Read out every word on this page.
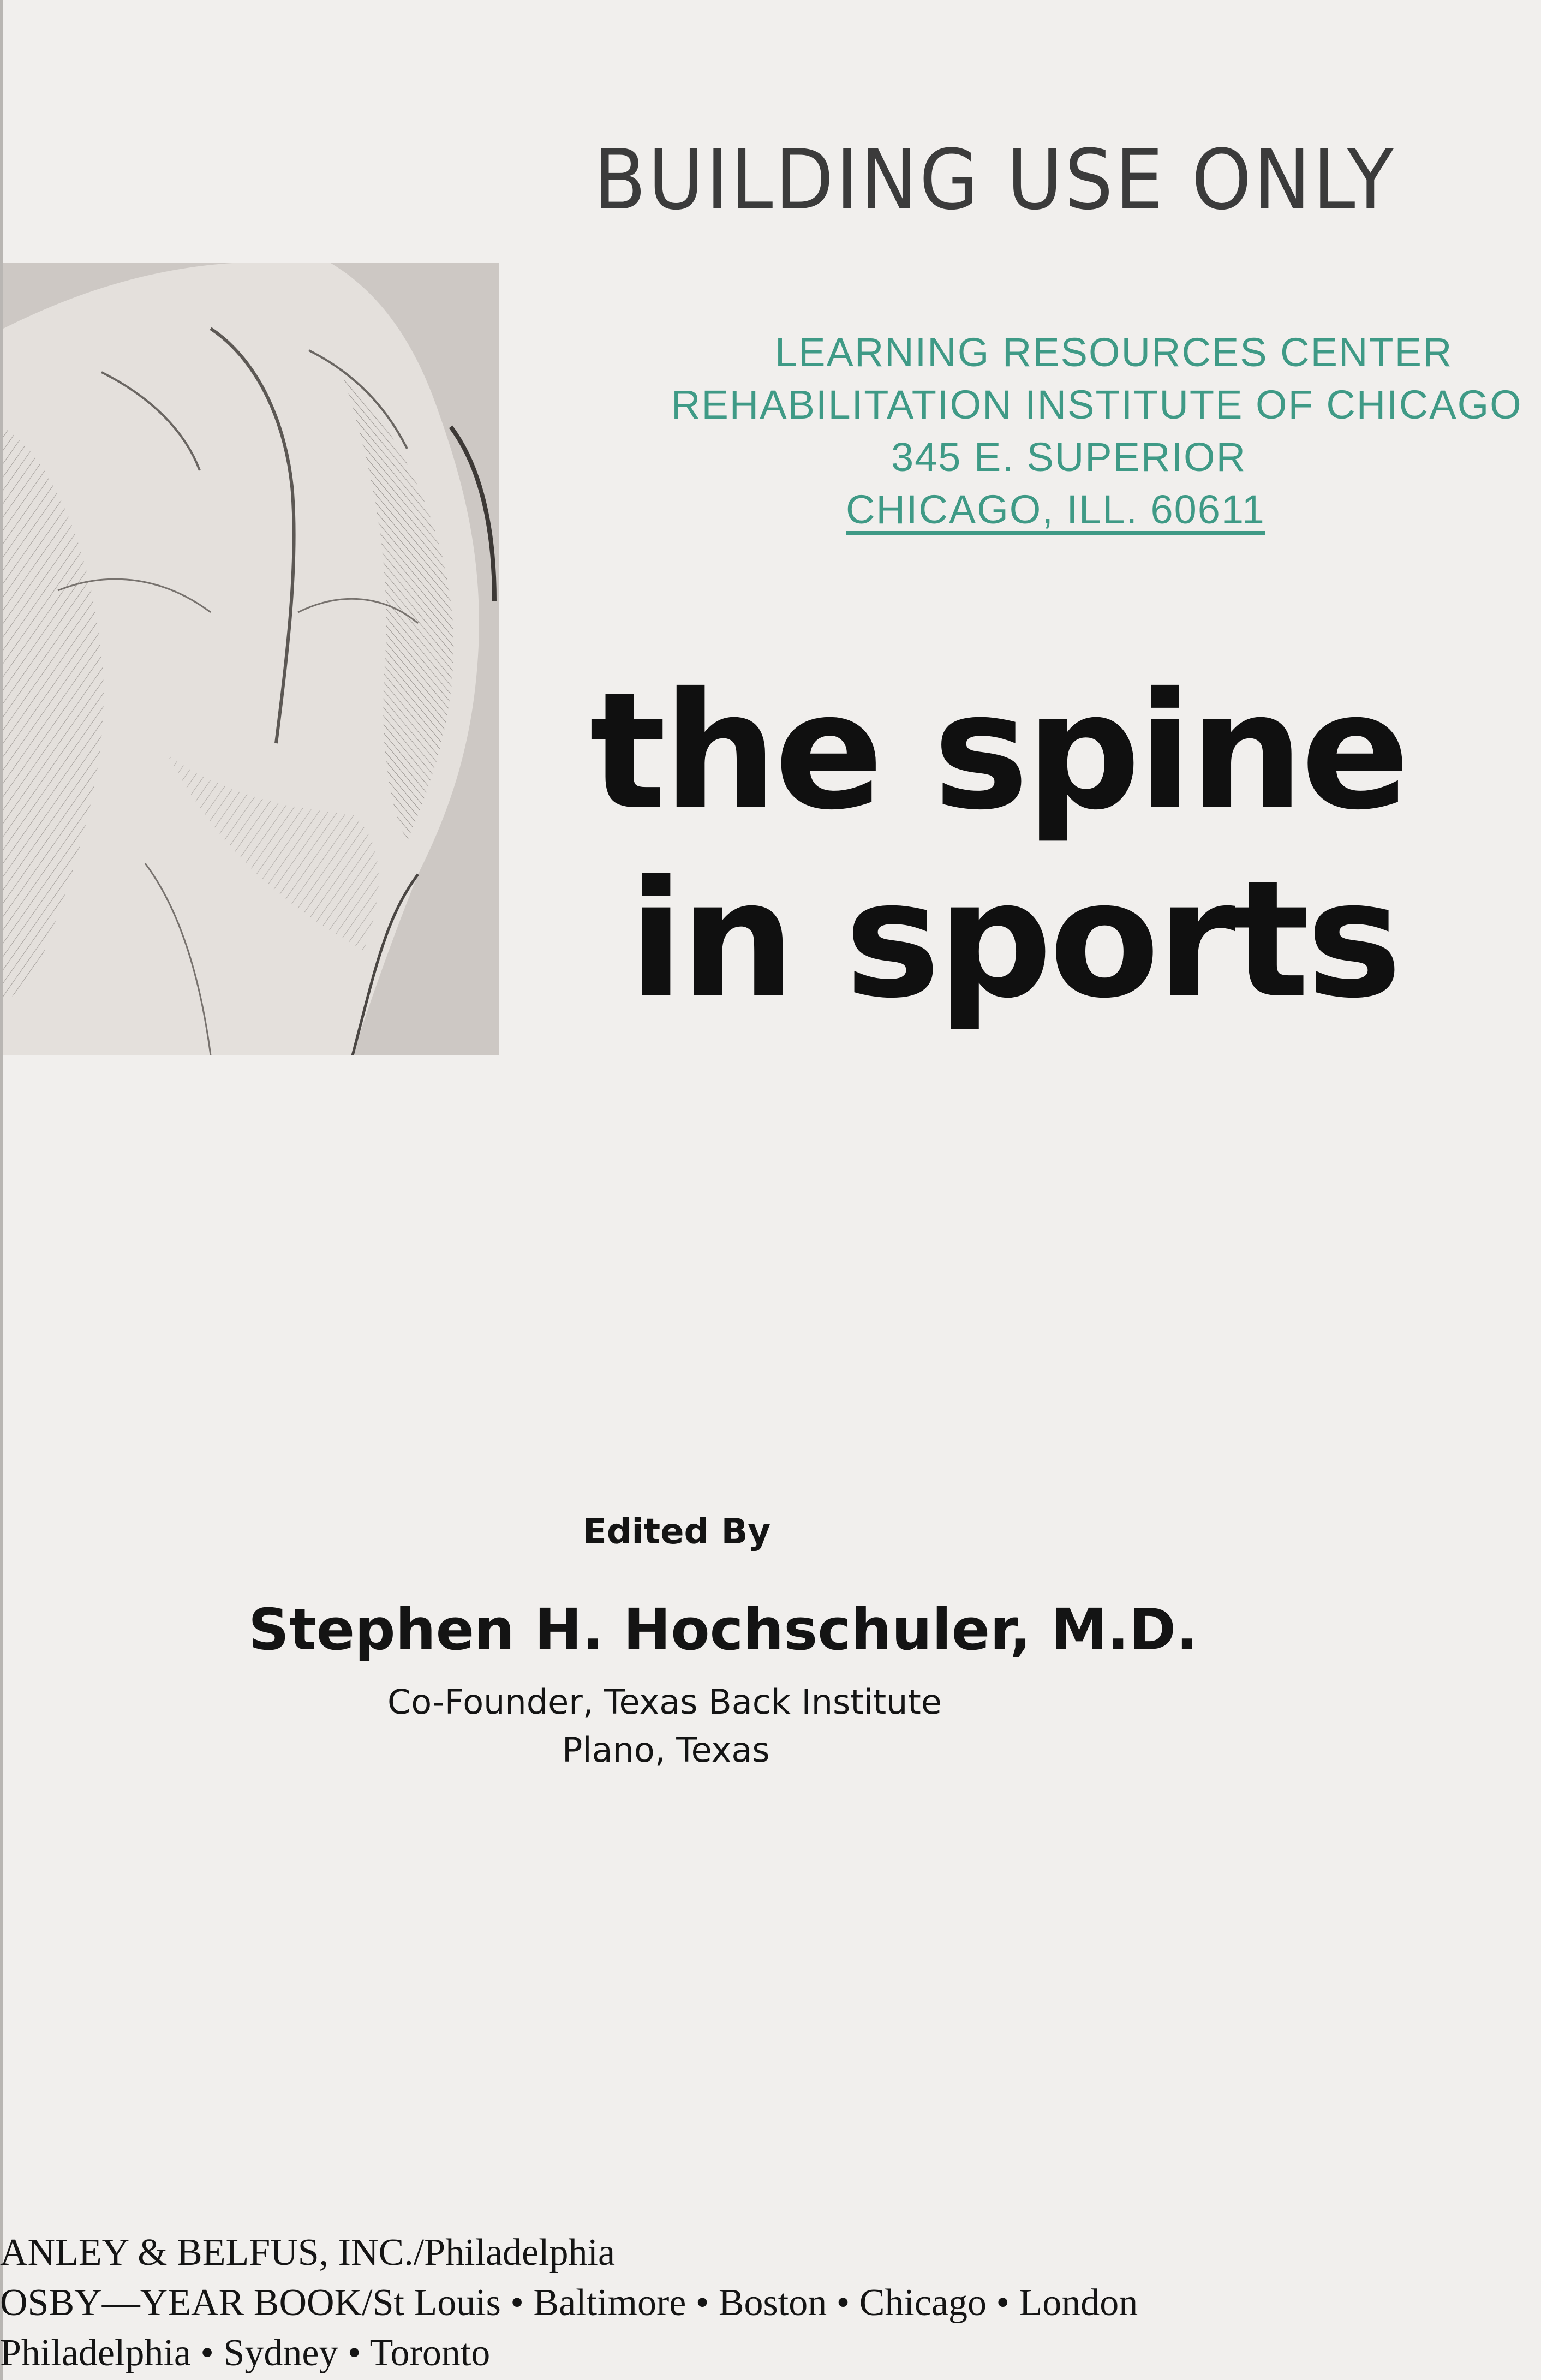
BUILDING USE ONLY
LEARNING RESOURCES CENTER
REHABILITATION INSTITUTE OF CHICAGO
345 E. SUPERIOR
CHICAGO, ILL. 60611
the spine
in sports
Edited By
Stephen H. Hochschuler, M.D.
Co-Founder, Texas Back Institute
Plano, Texas
ANLEY & BELFUS, INC./Philadelphia
OSBY—YEAR BOOK/St Louis • Baltimore • Boston • Chicago • London
Philadelphia • Sydney • Toronto
